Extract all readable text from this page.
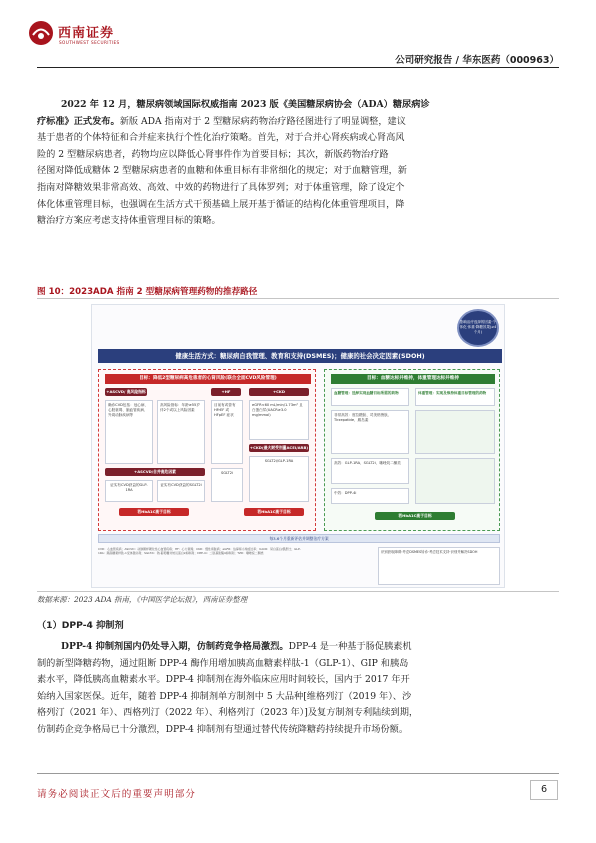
西南证券
SOUTHWEST SECURITIES
公司研究报告 / 华东医药（000963）
2022 年 12 月，糖尿病领域国际权威指南 2023 版《美国糖尿病协会（ADA）糖尿病诊
疗标准》正式发布。新版 ADA 指南对于 2 型糖尿病药物治疗路径图进行了明显调整，建议
基于患者的个体特征和合并症来执行个性化治疗策略。首先，对于合并心肾疾病或心肾高风
险的 2 型糖尿病患者，药物均应以降低心肾事件作为首要目标；其次，新版药物治疗路
径图对降低成糖体 2 型糖尿病患者的血糖和体重目标有非常细化的规定；对于血糖管理，新
指南对降糖效果非常高效、高效、中效的药物进行了具体罗列；对于体重管理，除了设定个
体化体重管理目标，也强调在生活方式干预基础上展开基于循证的结构化体重管理项目，降
糖治疗方案应考虑支持体重管理目标的策略。
图 10：2023ADA 指南 2 型糖尿病管理药物的推荐路径
影响治疗选择的因素·个体化·体重·降糖效果(≥4个月)
健康生活方式：糖尿病自我管理、教育和支持(DSMES)；健康的社会决定因素(SDOH)
目标：降低2型糖尿病高危患者的心肾风险(联合全面CVD风险管理)
+ASCVD/ 高风险指标	+HF	+CKD
确诊CVD包括：冠心病、心脏衰竭、脑血管疾病、外周动脉疾病等
高风险指标：年龄≥55岁伴2个或以上风险因素
目前有或曾有 HFrEF 或 HFpEF 症状
eGFR<60 mL/min/1.73m² 且白蛋白尿(UACR≥3.0 mg/mmol)
+CKD(最大耐受剂量ACEI/ARB)
+ASCVD/合并高危因素
证实有CVD获益的GLP-1RA
证实有CVD获益的SGLT2i
SGLT2i
SGLT2i/GLP-1RA
若HbA1C高于目标	若HbA1C高于目标
目标：血糖达标并维持，体重管理达标并维持
血糖管理：选择实现血糖目标所需的药物	体重管理：实现及维持体重目标管理的药物
非常高效：度拉糖肽、司美格鲁肽、Tirzepatide、胰岛素
高效：GLP-1RA、SGLT2i、噻唑烷二酮类
中效：DPP-4i
若HbA1C高于目标
每3-6个月重新评估并调整治疗方案
CVD：心血管疾病；ASCVD：动脉粥样硬化性心血管疾病；HF：心力衰竭；CKD：慢性肾脏病；eGFR：估算肾小球滤过率；UACR：尿白蛋白/肌酐比；GLP-1RA：胰高糖素样肽-1受体激动剂；SGLT2i：钠-葡萄糖共转运蛋白2抑制剂；DPP-4i：二肽基肽酶4抑制剂；TZD：噻唑烷二酮类	识别获取障碍·考虑DSMES转诊·考虑技术支持·识别并解决SDOH
数据来源：2023 ADA 指南，《中国医学论坛报》，西南证券整理
（1）DPP-4 抑制剂
DPP-4 抑制剂国内仍处导入期，仿制药竞争格局激烈。DPP-4 是一种基于肠促胰素机
制的新型降糖药物，通过阻断 DPP-4 酶作用增加胰高血糖素样肽-1（GLP-1）、GIP 和胰岛
素水平，降低胰高血糖素水平。DPP-4 抑制剂在海外临床应用时间较长，国内于 2017 年开
始纳入国家医保。近年，随着 DPP-4 抑制剂单方制剂中 5 大品种[维格列汀（2019 年）、沙
格列汀（2021 年）、西格列汀（2022 年）、利格列汀（2023 年）]及复方制剂专利陆续到期，
仿制药企竞争格局已十分激烈，DPP-4 抑制剂有望通过替代传统降糖药持续提升市场份额。
请务必阅读正文后的重要声明部分	6
